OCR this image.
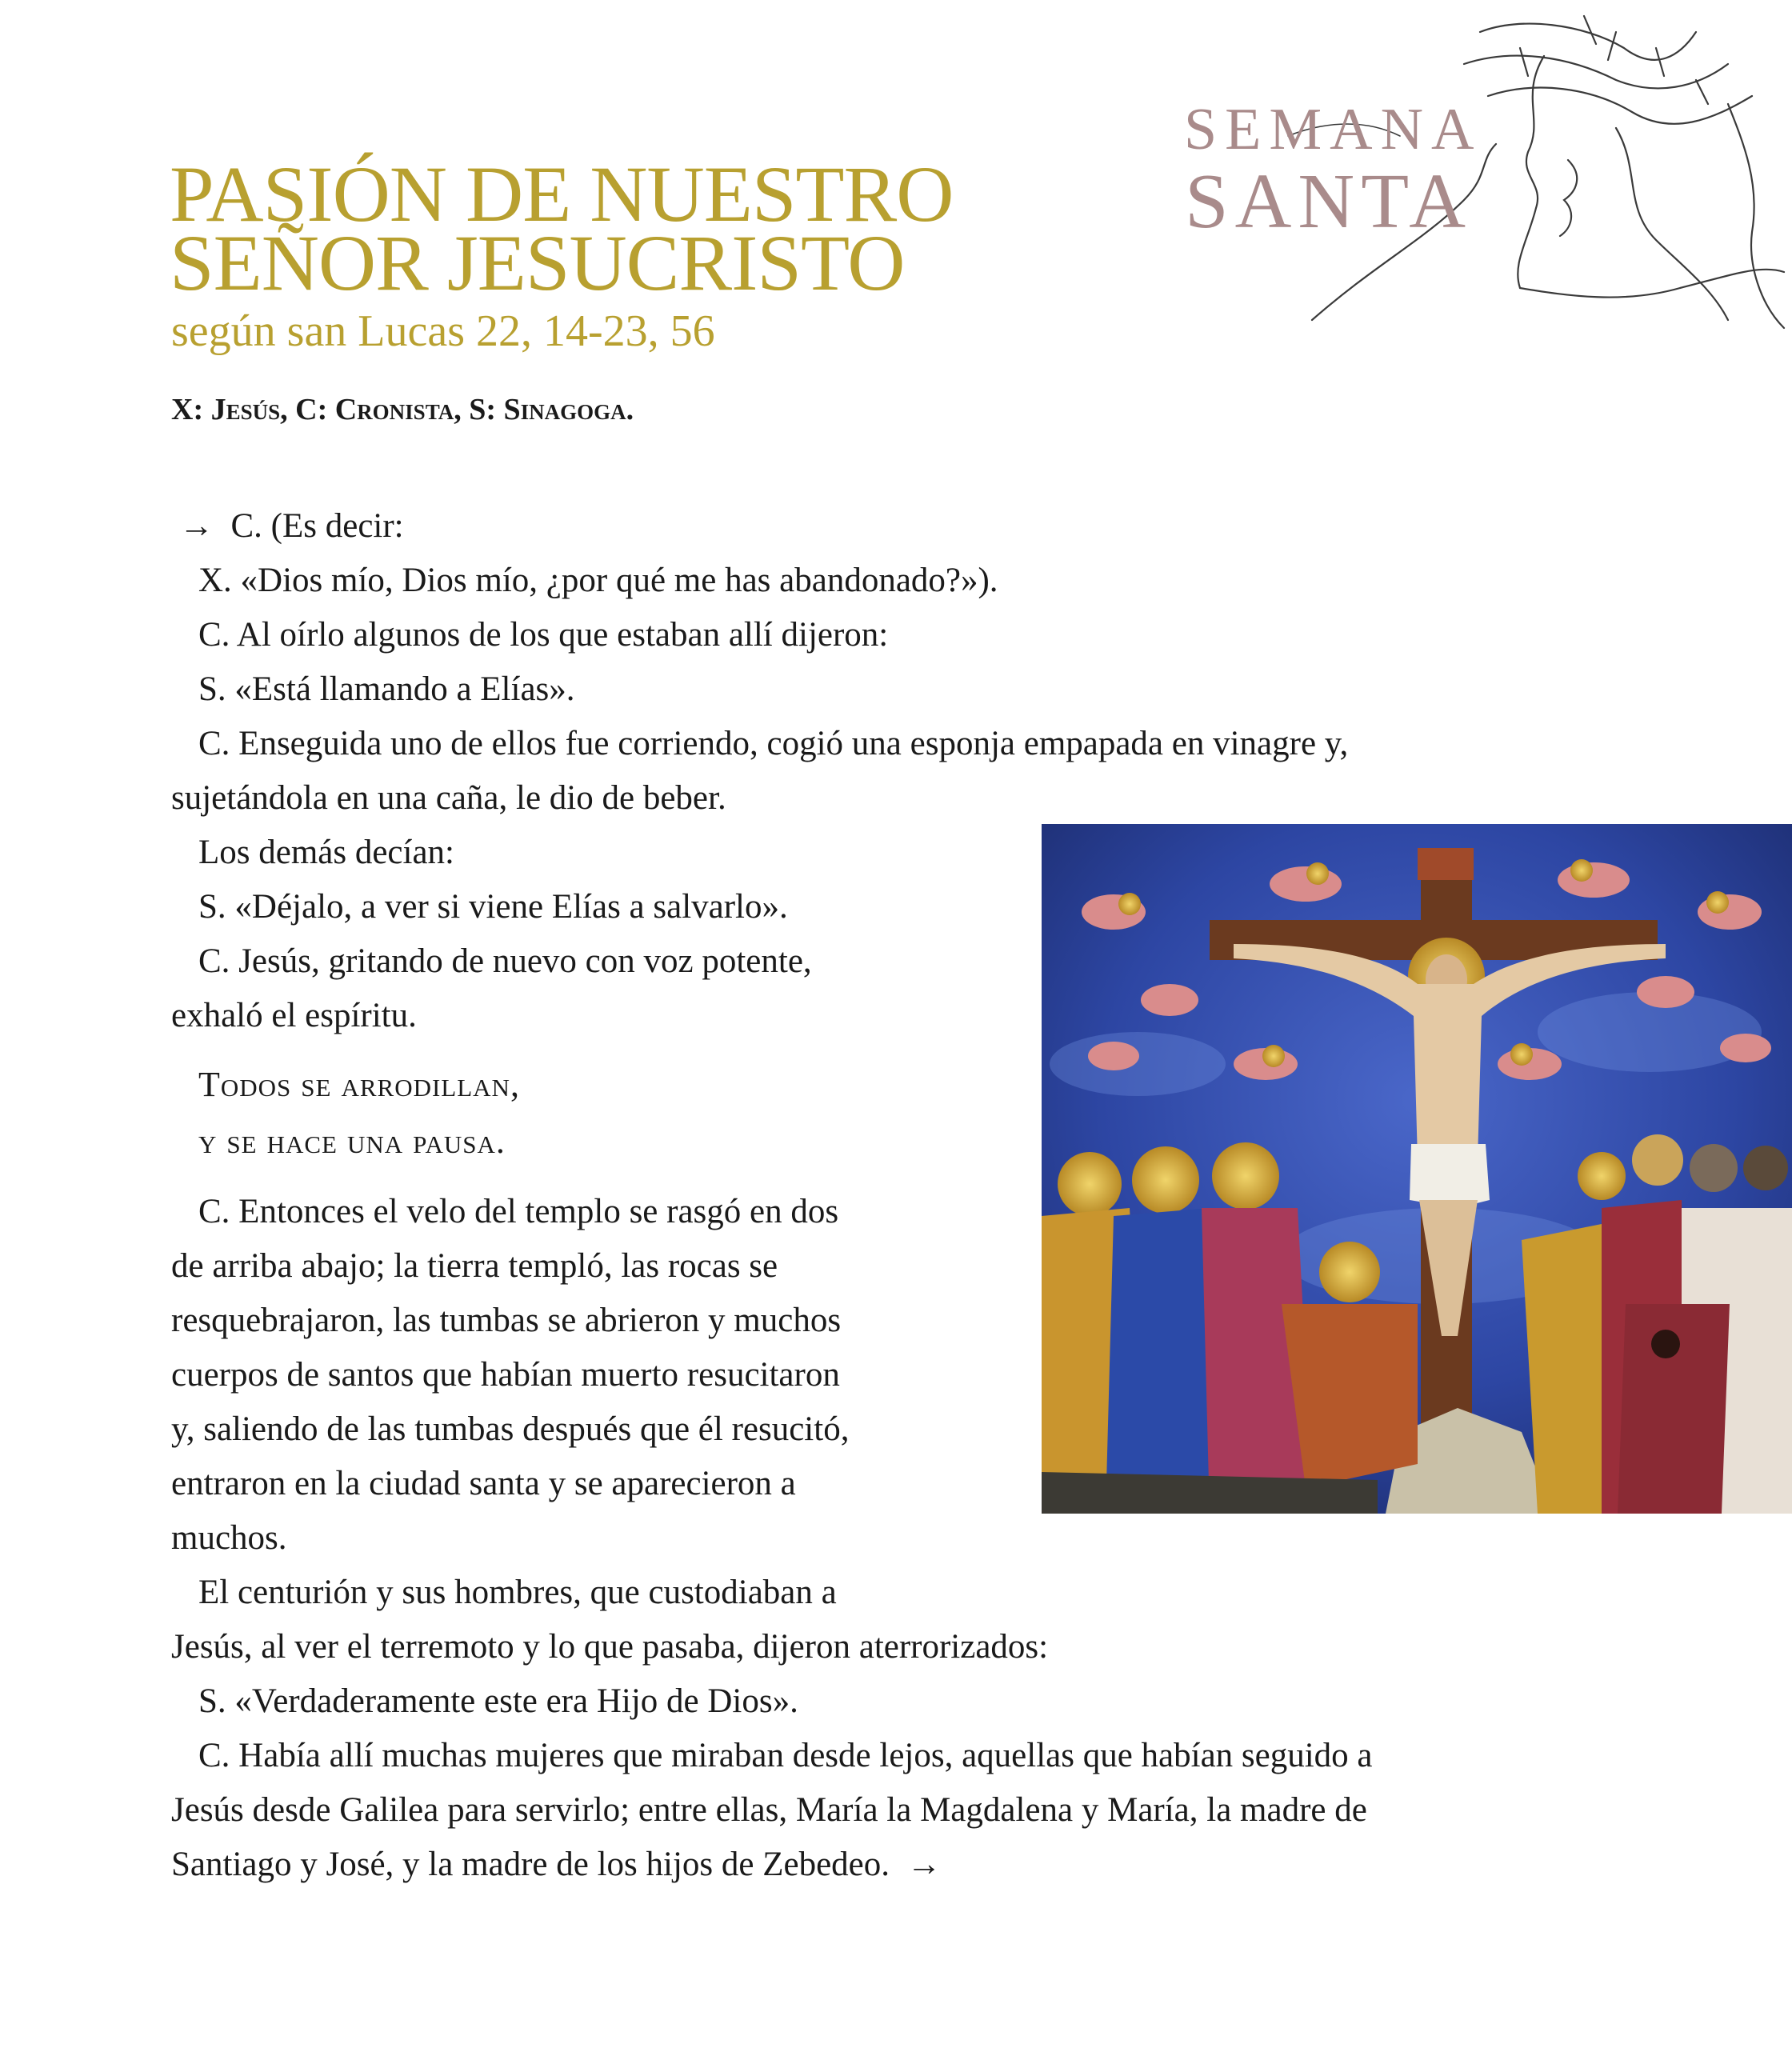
PASIÓN DE NUESTRO
SEÑOR JESUCRISTO
según san Lucas 22, 14-23, 56
SEMANA
SANTA
X: Jesús, C: Cronista, S: Sinagoga.
→ C. (Es decir:
X. «Dios mío, Dios mío, ¿por qué me has abandonado?»).
C. Al oírlo algunos de los que estaban allí dijeron:
S. «Está llamando a Elías».
C. Enseguida uno de ellos fue corriendo, cogió una esponja empapada en vinagre y,
sujetándola en una caña, le dio de beber.
Los demás decían:
S. «Déjalo, a ver si viene Elías a salvarlo».
C. Jesús, gritando de nuevo con voz potente,
exhaló el espíritu.
Todos se arrodillan,
y se hace una pausa.
C. Entonces el velo del templo se rasgó en dos
de arriba abajo; la tierra templó, las rocas se
resquebrajaron, las tumbas se abrieron y muchos
cuerpos de santos que habían muerto resucitaron
y, saliendo de las tumbas después que él resucitó,
entraron en la ciudad santa y se aparecieron a
muchos.
El centurión y sus hombres, que custodiaban a
Jesús, al ver el terremoto y lo que pasaba, dijeron aterrorizados:
S. «Verdaderamente este era Hijo de Dios».
C. Había allí muchas mujeres que miraban desde lejos, aquellas que habían seguido a
Jesús desde Galilea para servirlo; entre ellas, María la Magdalena y María, la madre de
Santiago y José, y la madre de los hijos de Zebedeo. →
